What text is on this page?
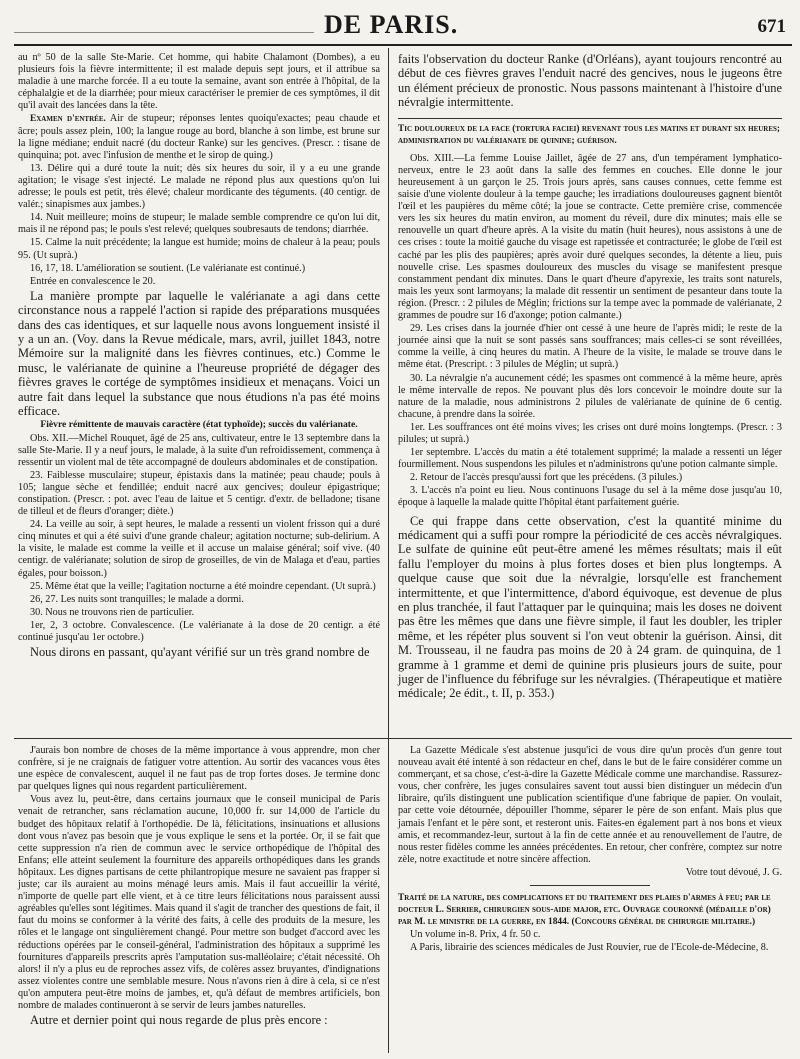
DE PARIS.	671

au nº 50 de la salle Ste-Marie. Cet homme, qui habite Chalamont (Dombes), a eu plusieurs fois la fièvre intermittente; il est malade depuis sept jours, et il attribue sa maladie à une marche forcée. Il a eu toute la semaine, avant son entrée à l'hôpital, de la céphalalgie et de la diarrhée; pour mieux caractériser le premier de ces symptômes, il dit qu'il avait des lancées dans la tête.

Examen d'entrée. Air de stupeur; réponses lentes quoiqu'exactes; peau chaude et âcre; pouls assez plein, 100; la langue rouge au bord, blanche à son limbe, est brune sur la ligne médiane; enduit nacré (du docteur Ranke) sur les gencives. (Prescr. : tisane de quinquina; pot. avec l'infusion de menthe et le sirop de quing.)

13. Délire qui a duré toute la nuit; dès six heures du soir, il y a eu une grande agitation; le visage s'est injecté. Le malade ne répond plus aux questions qu'on lui adresse; le pouls est petit, très élevé; chaleur mordicante des téguments. (40 centigr. de valér.; sinapismes aux jambes.)

14. Nuit meilleure; moins de stupeur; le malade semble comprendre ce qu'on lui dit, mais il ne répond pas; le pouls s'est relevé; quelques soubresauts de tendons; diarrhée.

15. Calme la nuit précédente; la langue est humide; moins de chaleur à la peau; pouls 95. (Ut suprà.)

16, 17, 18. L'amélioration se soutient. (Le valérianate est continué.)

Entrée en convalescence le 20.

La manière prompte par laquelle le valérianate a agi dans cette circonstance nous a rappelé l'action si rapide des préparations musquées dans des cas identiques, et sur laquelle nous avons longuement insisté il y a un an. (Voy. dans la Revue médicale, mars, avril, juillet 1843, notre Mémoire sur la malignité dans les fièvres continues, etc.) Comme le musc, le valérianate de quinine a l'heureuse propriété de dégager des fièvres graves le cortége de symptômes insidieux et menaçans. Voici un autre fait dans lequel la substance que nous étudions n'a pas été moins efficace.

Fièvre rémittente de mauvais caractère (état typhoïde); succès du valérianate.

Obs. XII.—Michel Rouquet, âgé de 25 ans, cultivateur, entre le 13 septembre dans la salle Ste-Marie. Il y a neuf jours, le malade, à la suite d'un refroidissement, commença à ressentir un violent mal de tête accompagné de douleurs abdominales et de constipation.

23. Faiblesse musculaire; stupeur, épistaxis dans la matinée; peau chaude; pouls à 105; langue sèche et fendillée; enduit nacré aux gencives; douleur épigastrique; constipation. (Prescr. : pot. avec l'eau de laitue et 5 centigr. d'extr. de belladone; tisane de tilleul et de fleurs d'oranger; diète.)

24. La veille au soir, à sept heures, le malade a ressenti un violent frisson qui a duré cinq minutes et qui a été suivi d'une grande chaleur; agitation nocturne; sub-delirium. A la visite, le malade est comme la veille et il accuse un malaise général; soif vive. (40 centigr. de valérianate; solution de sirop de groseilles, de vin de Malaga et d'eau, parties égales, pour boisson.)

25. Même état que la veille; l'agitation nocturne a été moindre cependant. (Ut suprà.)

26, 27. Les nuits sont tranquilles; le malade a dormi.

30. Nous ne trouvons rien de particulier.

1er, 2, 3 octobre. Convalescence. (Le valérianate à la dose de 20 centigr. a été continué jusqu'au 1er octobre.)

Nous dirons en passant, qu'ayant vérifié sur un très grand nombre de

faits l'observation du docteur Ranke (d'Orléans), ayant toujours rencontré au début de ces fièvres graves l'enduit nacré des gencives, nous le jugeons être un élément précieux de pronostic. Nous passons maintenant à l'histoire d'une névralgie intermittente.

Tic douloureux de la face (tortura faciei) revenant tous les matins et durant six heures; administration du valérianate de quinine; guérison.

Obs. XIII.—La femme Louise Jaillet, âgée de 27 ans, d'un tempérament lymphatico-nerveux, entre le 23 août dans la salle des femmes en couches. Elle donne le jour heureusement à un garçon le 25. Trois jours après, sans causes connues, cette femme est saisie d'une violente douleur à la tempe gauche; les irradiations douloureuses gagnent bientôt l'œil et les paupières du même côté; la joue se contracte. Cette première crise, commencée vers les six heures du matin environ, au moment du réveil, dure dix minutes; mais elle se renouvelle un quart d'heure après. A la visite du matin (huit heures), nous assistons à une de ces crises : toute la moitié gauche du visage est rapetissée et contracturée; le globe de l'œil est caché par les plis des paupières; après avoir duré quelques secondes, la détente a lieu, puis nouvelle crise. Les spasmes douloureux des muscles du visage se manifestent presque constamment pendant dix minutes. Dans le quart d'heure d'apyrexie, les traits sont naturels, mais les yeux sont larmoyans; la malade dit ressentir un sentiment de pesanteur dans toute la région. (Prescr. : 2 pilules de Méglin; frictions sur la tempe avec la pommade de valérianate, 2 grammes de poudre sur 16 d'axonge; potion calmante.)

29. Les crises dans la journée d'hier ont cessé à une heure de l'après midi; le reste de la journée ainsi que la nuit se sont passés sans souffrances; mais celles-ci se sont réveillées, comme la veille, à cinq heures du matin. A l'heure de la visite, le malade se trouve dans le même état. (Prescript. : 3 pilules de Méglin; ut suprà.)

30. La névralgie n'a aucunement cédé; les spasmes ont commencé à la même heure, après le même intervalle de repos. Ne pouvant plus dès lors concevoir le moindre doute sur la nature de la maladie, nous administrons 2 pilules de valérianate de quinine de 6 centig. chacune, à prendre dans la soirée.

1er. Les souffrances ont été moins vives; les crises ont duré moins longtemps. (Prescr. : 3 pilules; ut suprà.)

1er septembre. L'accès du matin a été totalement supprimé; la malade a ressenti un léger fourmillement. Nous suspendons les pilules et n'administrons qu'une potion calmante simple.

2. Retour de l'accès presqu'aussi fort que les précédens. (3 pilules.)

3. L'accès n'a point eu lieu. Nous continuons l'usage du sel à la même dose jusqu'au 10, époque à laquelle la malade quitte l'hôpital étant parfaitement guérie.

Ce qui frappe dans cette observation, c'est la quantité minime du médicament qui a suffi pour rompre la périodicité de ces accès névralgiques. Le sulfate de quinine eût peut-être amené les mêmes résultats; mais il eût fallu l'employer du moins à plus fortes doses et bien plus longtemps. A quelque cause que soit due la névralgie, lorsqu'elle est franchement intermittente, et que l'intermittence, d'abord équivoque, est devenue de plus en plus tranchée, il faut l'attaquer par le quinquina; mais les doses ne doivent pas être les mêmes que dans une fièvre simple, il faut les doubler, les tripler même, et les répéter plus souvent si l'on veut obtenir la guérison. Ainsi, dit M. Trousseau, il ne faudra pas moins de 20 à 24 gram. de quinquina, de 1 gramme à 1 gramme et demi de quinine pris plusieurs jours de suite, pour juger de l'influence du fébrifuge sur les névralgies. (Thérapeutique et matière médicale; 2e édit., t. II, p. 353.)

J'aurais bon nombre de choses de la même importance à vous apprendre, mon cher confrère, si je ne craignais de fatiguer votre attention. Au sortir des vacances vous êtes une espèce de convalescent, auquel il ne faut pas de trop fortes doses. Je termine donc par quelques lignes qui nous regardent particulièrement.

Vous avez lu, peut-être, dans certains journaux que le conseil municipal de Paris venait de retrancher, sans réclamation aucune, 10,000 fr. sur 14,000 de l'article du budget des hôpitaux relatif à l'orthopédie. De là, félicitations, insinuations et allusions dont vous n'avez pas besoin que je vous explique le sens et la portée. Or, il se fait que cette suppression n'a rien de commun avec le service orthopédique de l'hôpital des Enfans; elle atteint seulement la fourniture des appareils orthopédiques dans les grands hôpitaux. Les dignes partisans de cette philantropique mesure ne savaient pas frapper si juste; car ils auraient au moins ménagé leurs amis. Mais il faut accueillir la vérité, n'importe de quelle part elle vient, et à ce titre leurs félicitations nous paraissent aussi agréables qu'elles sont légitimes. Mais quand il s'agit de trancher des questions de fait, il faut du moins se conformer à la vérité des faits, à celle des produits de la mesure, les rôles et le langage ont singulièrement changé. Pour mettre son budget d'accord avec les réductions opérées par le conseil-général, l'administration des hôpitaux a supprimé les fournitures d'appareils prescrits après l'amputation sus-malléolaire; c'était nécessité. Oh alors! il n'y a plus eu de reproches assez vifs, de colères assez bruyantes, d'indignations assez violentes contre une semblable mesure. Nous n'avons rien à dire à cela, si ce n'est qu'on amputera peut-être moins de jambes, et, qu'à défaut de membres artificiels, bon nombre de malades continueront à se servir de leurs jambes naturelles.

Autre et dernier point qui nous regarde de plus près encore :

La Gazette Médicale s'est abstenue jusqu'ici de vous dire qu'un procès d'un genre tout nouveau avait été intenté à son rédacteur en chef, dans le but de le faire considérer comme un commerçant, et sa chose, c'est-à-dire la Gazette Médicale comme une marchandise. Rassurez-vous, cher confrère, les juges consulaires savent tout aussi bien distinguer un médecin d'un libraire, qu'ils distinguent une publication scientifique d'une fabrique de papier. On voulait, par cette voie détournée, dépouiller l'homme, séparer le père de son enfant. Mais plus que jamais l'enfant et le père sont, et resteront unis. Faites-en également part à nos bons et vieux amis, et recommandez-leur, surtout à la fin de cette année et au renouvellement de l'autre, de nous rester fidèles comme les années précédentes. En retour, cher confrère, comptez sur notre zèle, notre exactitude et notre sincère affection.

Votre tout dévoué, J. G.

Traité de la nature, des complications et du traitement des plaies d'armes à feu; par le docteur L. Serrier, chirurgien sous-aide major, etc. Ouvrage couronné (médaille d'or) par M. le ministre de la guerre, en 1844. (Concours général de chirurgie militaire.)

Un volume in-8. Prix, 4 fr. 50 c.

A Paris, librairie des sciences médicales de Just Rouvier, rue de l'Ecole-de-Médecine, 8.
